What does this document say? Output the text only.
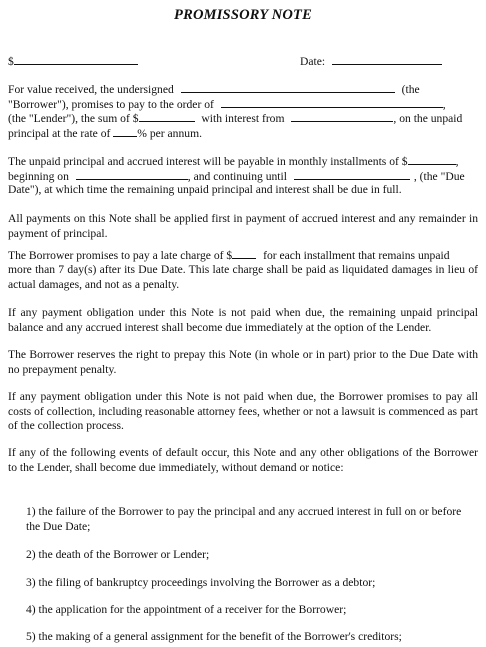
PROMISSORY NOTE
$	Date:
For value received, the undersigned	(the
"Borrower"), promises to pay to the order of	,
(the "Lender"), the sum of $	with interest from	, on the unpaid
principal at the rate of % per annum.
The unpaid principal and accrued interest will be payable in monthly installments of $	,
beginning on	, and continuing until	, (the "Due
Date"), at which time the remaining unpaid principal and interest shall be due in full.
All payments on this Note shall be applied first in payment of accrued interest and any remainder in payment of principal.
The Borrower promises to pay a late charge of $	for each installment that remains unpaid
more than 7 day(s) after its Due Date. This late charge shall be paid as liquidated damages in lieu of actual damages, and not as a penalty.
If any payment obligation under this Note is not paid when due, the remaining unpaid principal balance and any accrued interest shall become due immediately at the option of the Lender.
The Borrower reserves the right to prepay this Note (in whole or in part) prior to the Due Date with no prepayment penalty.
If any payment obligation under this Note is not paid when due, the Borrower promises to pay all costs of collection, including reasonable attorney fees, whether or not a lawsuit is commenced as part of the collection process.
If any of the following events of default occur, this Note and any other obligations of the Borrower to the Lender, shall become due immediately, without demand or notice:
1) the failure of the Borrower to pay the principal and any accrued interest in full on or before the Due Date;
2) the death of the Borrower or Lender;
3) the filing of bankruptcy proceedings involving the Borrower as a debtor;
4) the application for the appointment of a receiver for the Borrower;
5) the making of a general assignment for the benefit of the Borrower's creditors;
